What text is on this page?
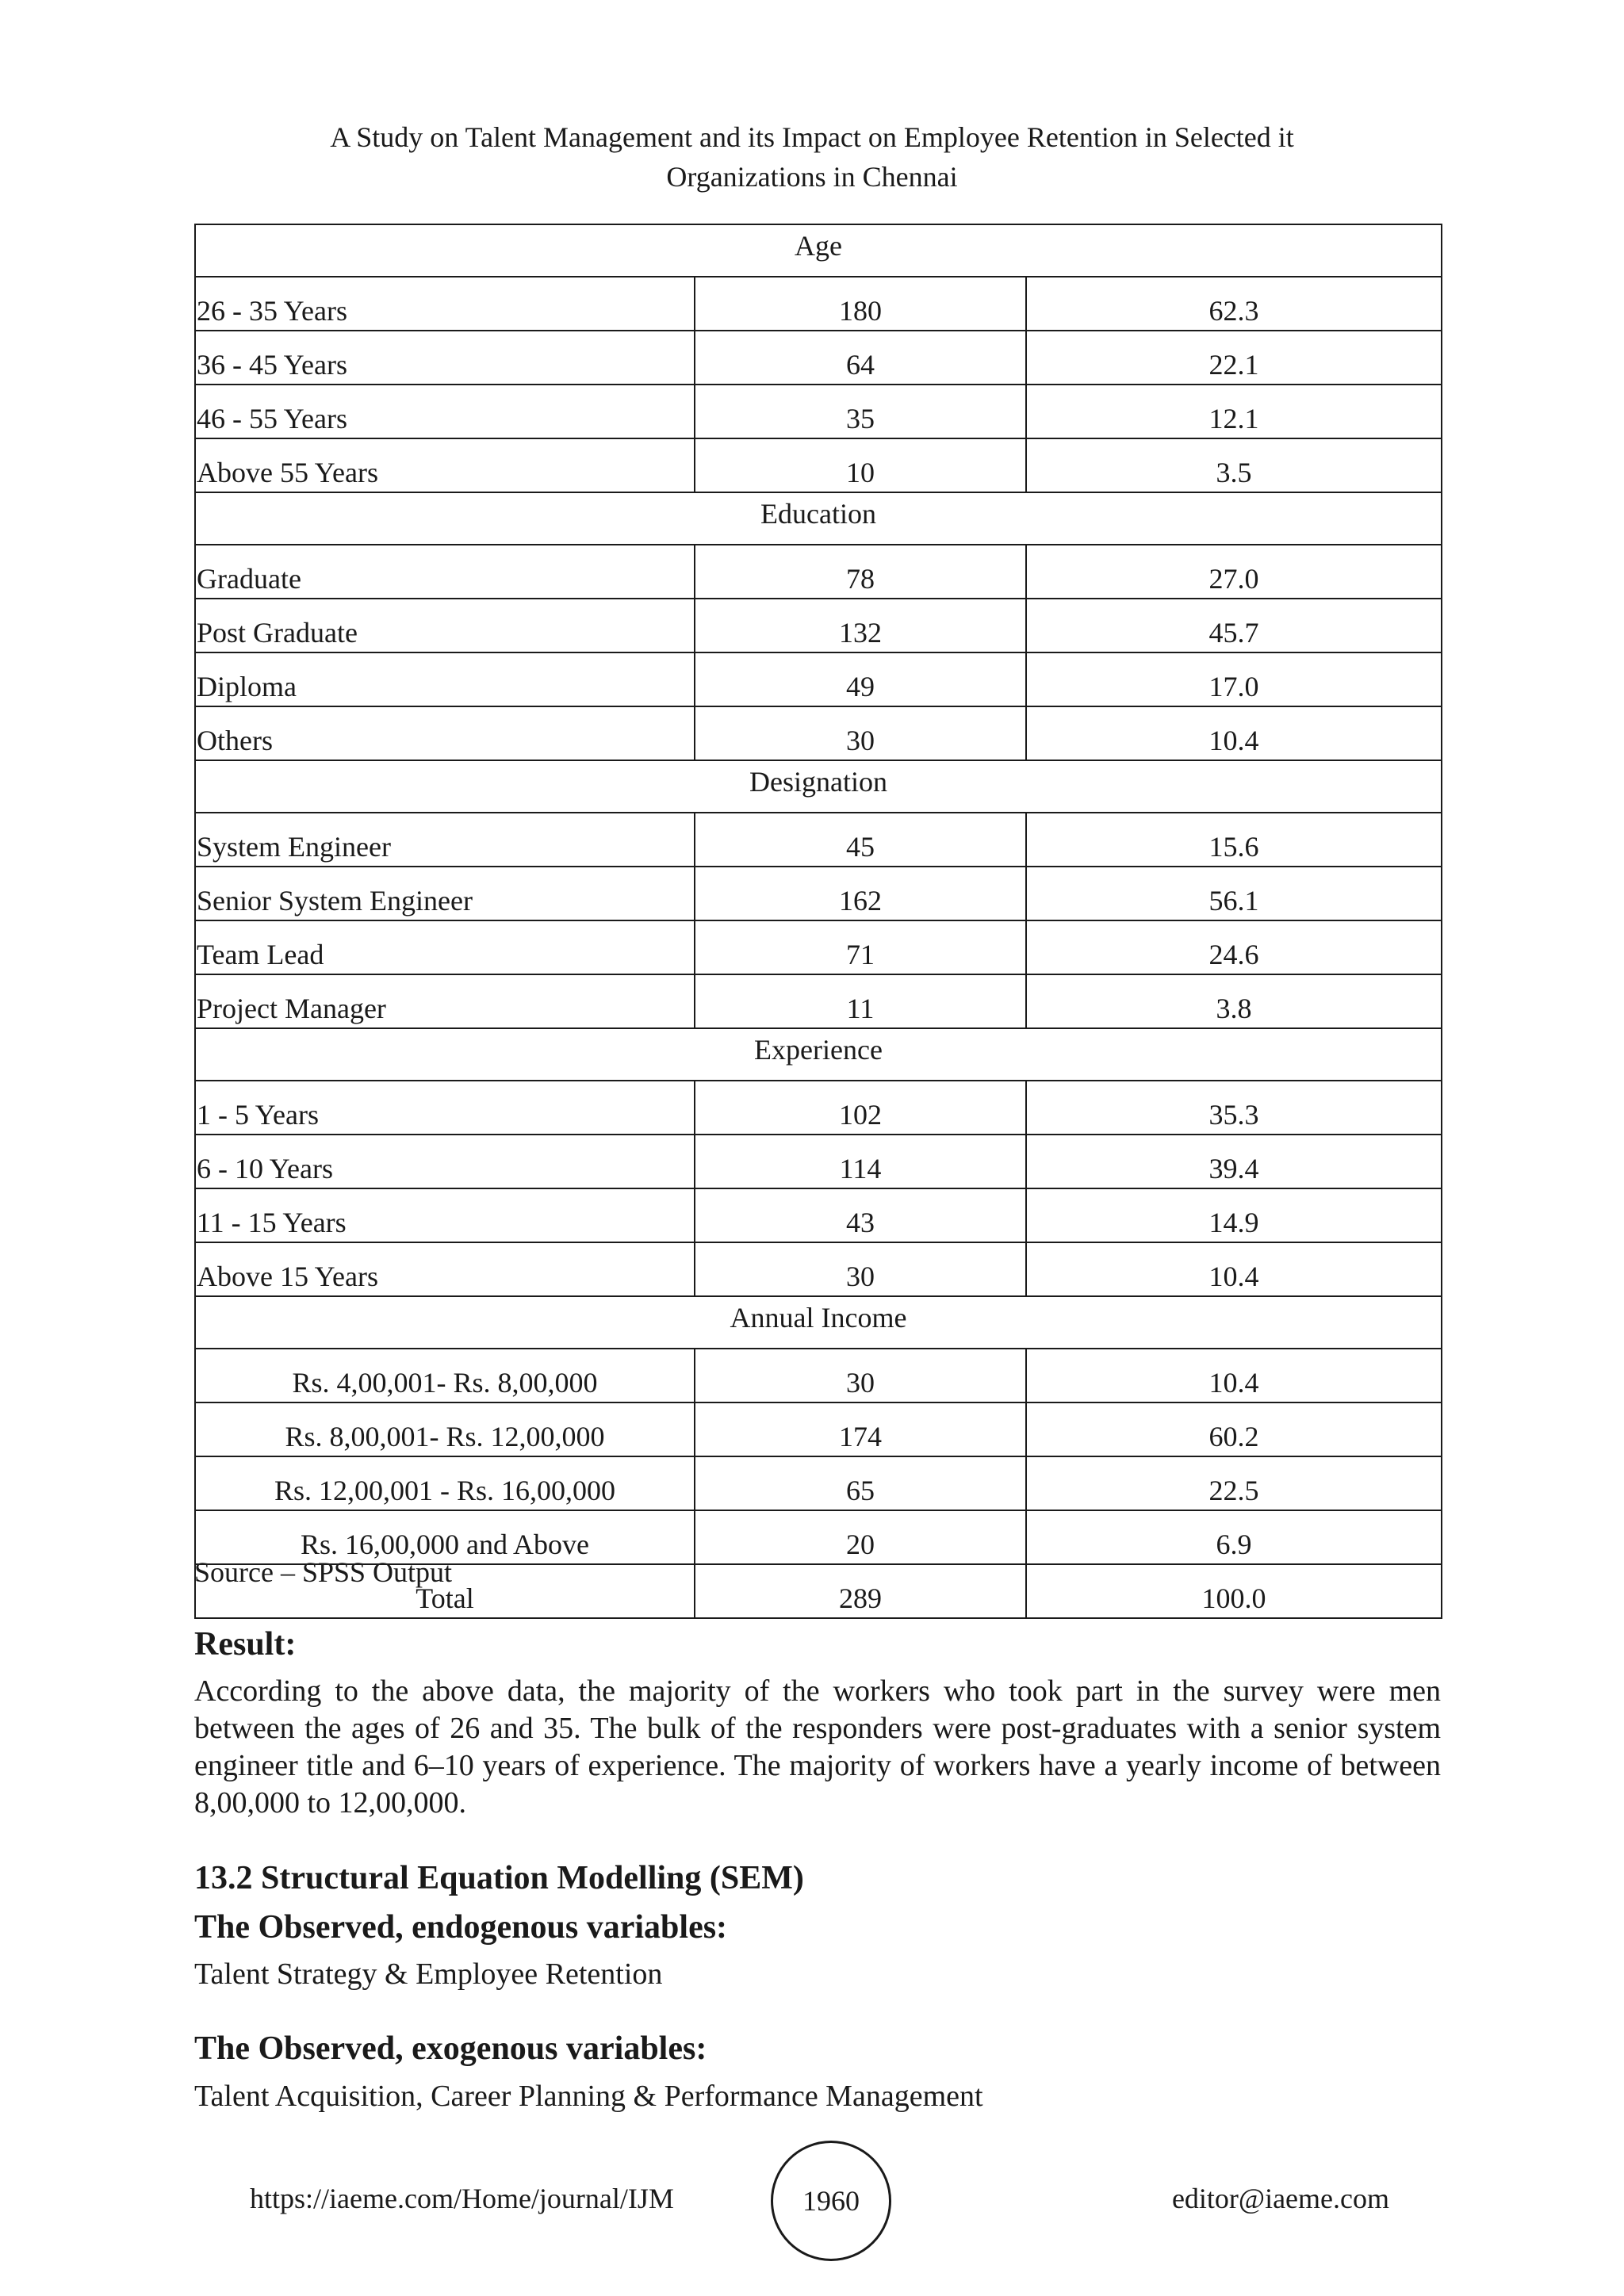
A Study on Talent Management and its Impact on Employee Retention in Selected it
Organizations in Chennai
Age		
26 - 35 Years	180	62.3
36 - 45 Years	64	22.1
46 - 55 Years	35	12.1
Above 55 Years	10	3.5
Education		
Graduate	78	27.0
Post Graduate	132	45.7
Diploma	49	17.0
Others	30	10.4
Designation		
System Engineer	45	15.6
Senior System Engineer	162	56.1
Team Lead	71	24.6
Project Manager	11	3.8
Experience		
1 - 5 Years	102	35.3
6 - 10 Years	114	39.4
11 - 15 Years	43	14.9
Above 15 Years	30	10.4
Annual Income		
Rs. 4,00,001- Rs. 8,00,000	30	10.4
Rs. 8,00,001- Rs. 12,00,000	174	60.2
Rs. 12,00,001 - Rs. 16,00,000	65	22.5
Rs. 16,00,000 and Above	20	6.9
Total	289	100.0
Source – SPSS Output
Result:
According to the above data, the majority of the workers who took part in the survey were men between the ages of 26 and 35. The bulk of the responders were post-graduates with a senior system engineer title and 6–10 years of experience. The majority of workers have a yearly income of between 8,00,000 to 12,00,000.
13.2 Structural Equation Modelling (SEM)
The Observed, endogenous variables:
Talent Strategy & Employee Retention
The Observed, exogenous variables:
Talent Acquisition, Career Planning & Performance Management
https://iaeme.com/Home/journal/IJM	1960	editor@iaeme.com
